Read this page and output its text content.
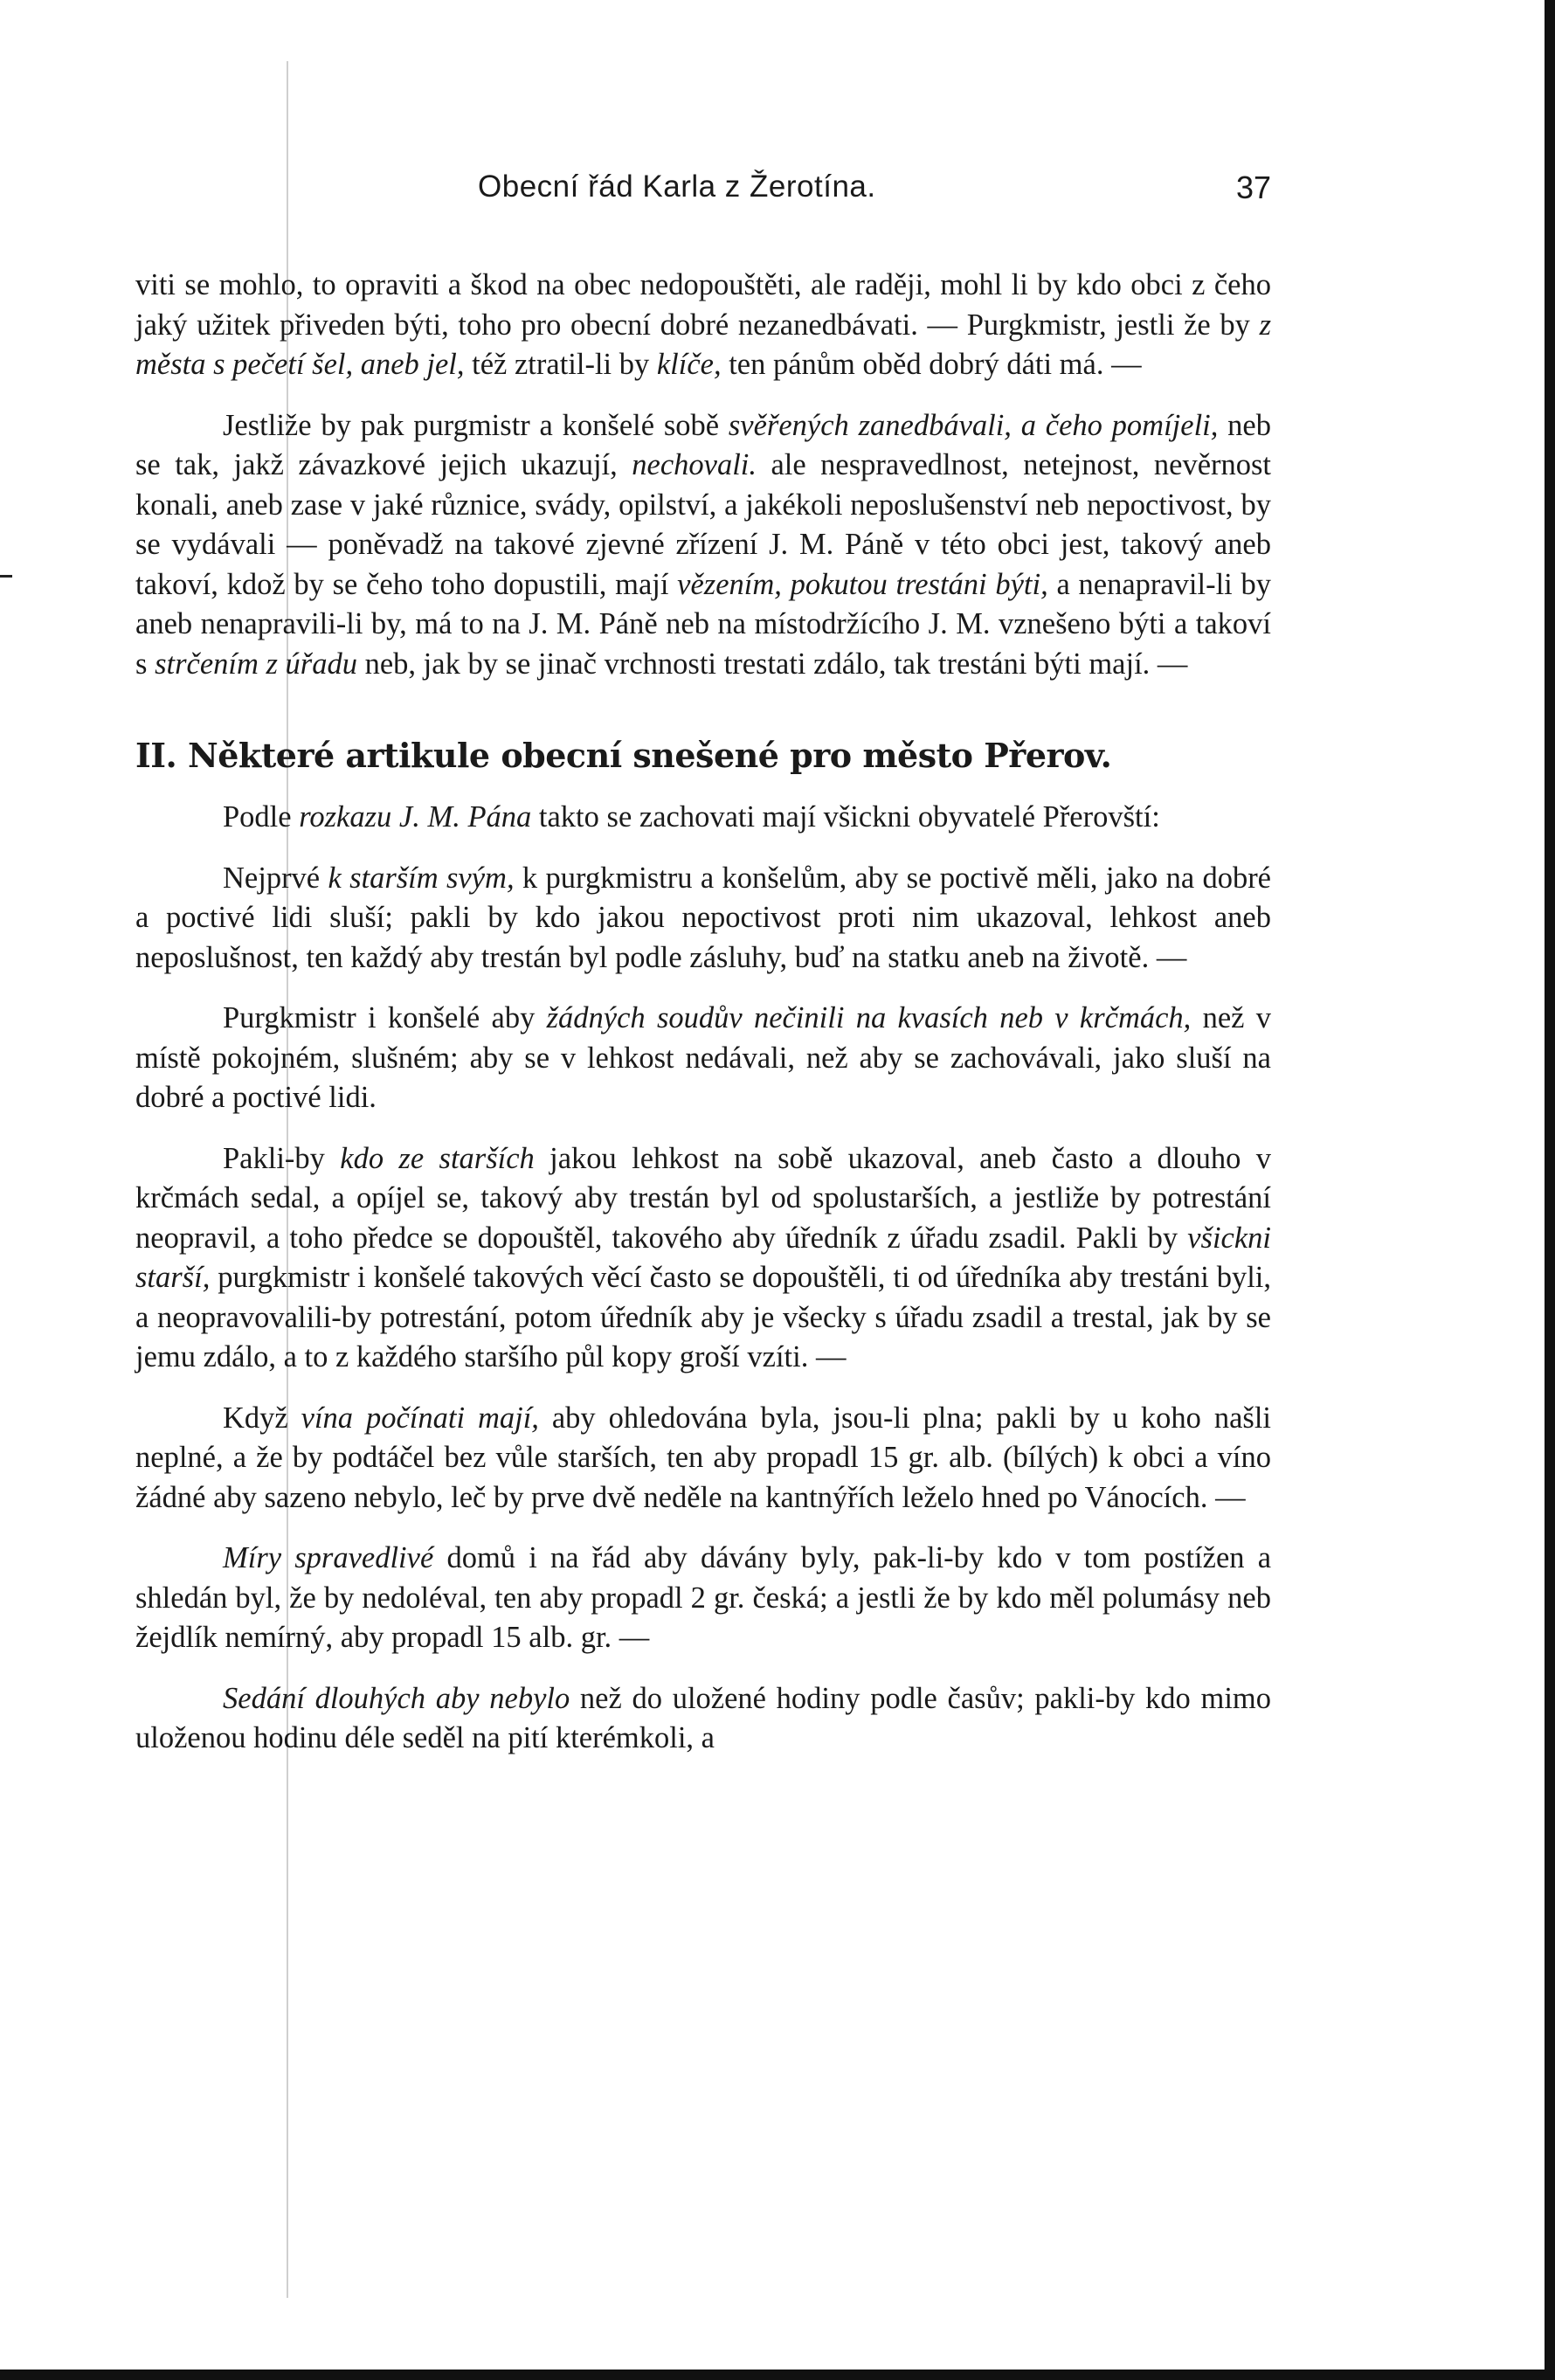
Obecní řád Karla z Žerotína.	37

viti se mohlo, to opraviti a škod na obec nedopouštěti, ale raději, mohl li by kdo obci z čeho jaký užitek přiveden býti, toho pro obecní dobré nezanedbávati. — Purgkmistr, jestli že by z města s pečetí šel, aneb jel, též ztratil-li by klíče, ten pánům oběd dobrý dáti má. —

Jestliže by pak purgmistr a konšelé sobě svěřených zanedbávali, a čeho pomíjeli, neb se tak, jakž závazkové jejich ukazují, nechovali. ale nespravedlnost, netejnost, nevěrnost konali, aneb zase v jaké různice, svády, opilství, a jakékoli neposlušenství neb nepoctivost, by se vydávali — poněvadž na takové zjevné zřízení J. M. Páně v této obci jest, takový aneb takoví, kdož by se čeho toho dopustili, mají vězením, pokutou trestáni býti, a nenapravil-li by aneb nenapravili-li by, má to na J. M. Páně neb na místodržícího J. M. vznešeno býti a takoví s strčením z úřadu neb, jak by se jinač vrchnosti trestati zdálo, tak trestáni býti mají. —

II. Některé artikule obecní snešené pro město Přerov.

Podle rozkazu J. M. Pána takto se zachovati mají všickni obyvatelé Přerovští:

Nejprvé k starším svým, k purgkmistru a konšelům, aby se poctivě měli, jako na dobré a poctivé lidi sluší; pakli by kdo jakou nepoctivost proti nim ukazoval, lehkost aneb neposlušnost, ten každý aby trestán byl podle zásluhy, buď na statku aneb na životě. —

Purgkmistr i konšelé aby žádných soudův nečinili na kvasích neb v krčmách, než v místě pokojném, slušném; aby se v lehkost nedávali, než aby se zachovávali, jako sluší na dobré a poctivé lidi.

Pakli-by kdo ze starších jakou lehkost na sobě ukazoval, aneb často a dlouho v krčmách sedal, a opíjel se, takový aby trestán byl od spolustarších, a jestliže by potrestání neopravil, a toho předce se dopouštěl, takového aby úředník z úřadu zsadil. Pakli by všickni starší, purgkmistr i konšelé takových věcí často se dopouštěli, ti od úředníka aby trestáni byli, a neopravovalili-by potrestání, potom úředník aby je všecky s úřadu zsadil a trestal, jak by se jemu zdálo, a to z každého staršího půl kopy groší vzíti. —

Když vína počínati mají, aby ohledována byla, jsou-li plna; pakli by u koho našli neplné, a že by podtáčel bez vůle starších, ten aby propadl 15 gr. alb. (bílých) k obci a víno žádné aby sazeno nebylo, leč by prve dvě neděle na kantnýřích leželo hned po Vánocích. —

Míry spravedlivé domů i na řád aby dávány byly, pak-li-by kdo v tom postížen a shledán byl, že by nedoléval, ten aby propadl 2 gr. česká; a jestli že by kdo měl polumásy neb žejdlík nemírný, aby propadl 15 alb. gr. —

Sedání dlouhých aby nebylo než do uložené hodiny podle časův; pakli-by kdo mimo uloženou hodinu déle seděl na pití kterémkoli, a
